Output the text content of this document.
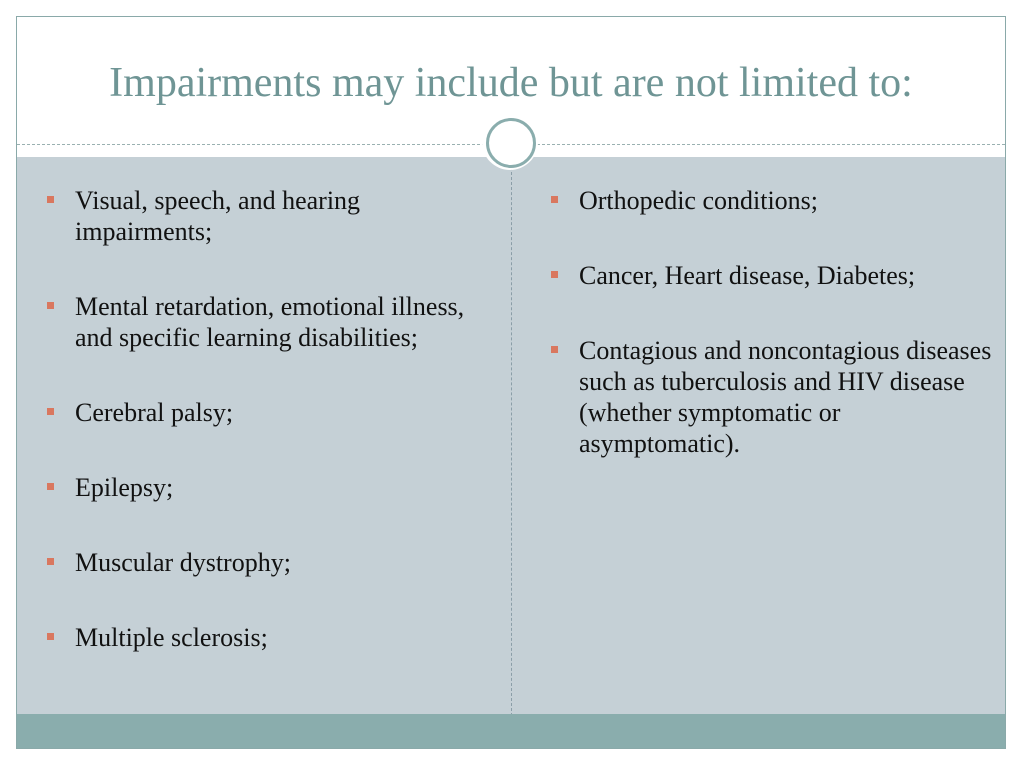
Impairments may include but are not limited to:
Visual, speech, and hearing impairments;
Mental retardation, emotional illness, and specific learning disabilities;
Cerebral palsy;
Epilepsy;
Muscular dystrophy;
Multiple sclerosis;
Orthopedic conditions;
Cancer, Heart disease, Diabetes;
Contagious and noncontagious diseases such as tuberculosis and HIV disease (whether symptomatic or asymptomatic).
